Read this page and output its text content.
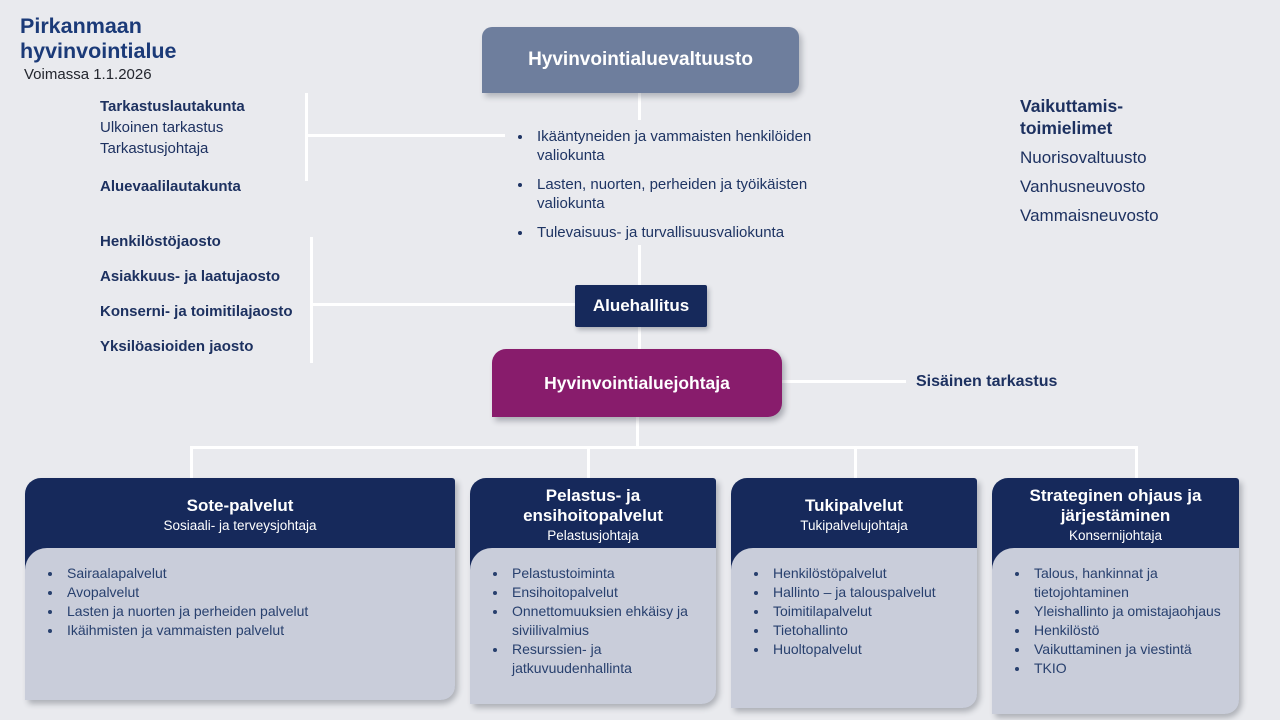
Pirkanmaan
hyvinvointialue
Voimassa 1.1.2026
Hyvinvointialuevaltuusto
Tarkastuslautakunta
Ulkoinen tarkastus
Tarkastusjohtaja
Aluevaalilautakunta
• Ikääntyneiden ja vammaisten henkilöiden valiokunta
• Lasten, nuorten, perheiden ja työikäisten valiokunta
• Tulevaisuus- ja turvallisuusvaliokunta
Vaikuttamis-
toimielimet
Nuorisovaltuusto
Vanhusneuvosto
Vammaisneuvosto
Henkilöstöjaosto
Asiakkuus- ja laatujaosto
Konserni- ja toimitilajaosto
Yksilöasioiden jaosto
Aluehallitus
Hyvinvointialuejohtaja	Sisäinen tarkastus
Sote-palvelut
Sosiaali- ja terveysjohtaja
• Sairaalapalvelut
• Avopalvelut
• Lasten ja nuorten ja perheiden palvelut
• Ikäihmisten ja vammaisten palvelut
Pelastus- ja ensihoitopalvelut
Pelastusjohtaja
• Pelastustoiminta
• Ensihoitopalvelut
• Onnettomuuksien ehkäisy ja siviilivalmius
• Resurssien- ja jatkuvuudenhallinta
Tukipalvelut
Tukipalvelujohtaja
• Henkilöstöpalvelut
• Hallinto – ja talouspalvelut
• Toimitilapalvelut
• Tietohallinto
• Huoltopalvelut
Strateginen ohjaus ja järjestäminen
Konsernijohtaja
• Talous, hankinnat ja tietojohtaminen
• Yleishallinto ja omistajaohjaus
• Henkilöstö
• Vaikuttaminen ja viestintä
• TKIO
